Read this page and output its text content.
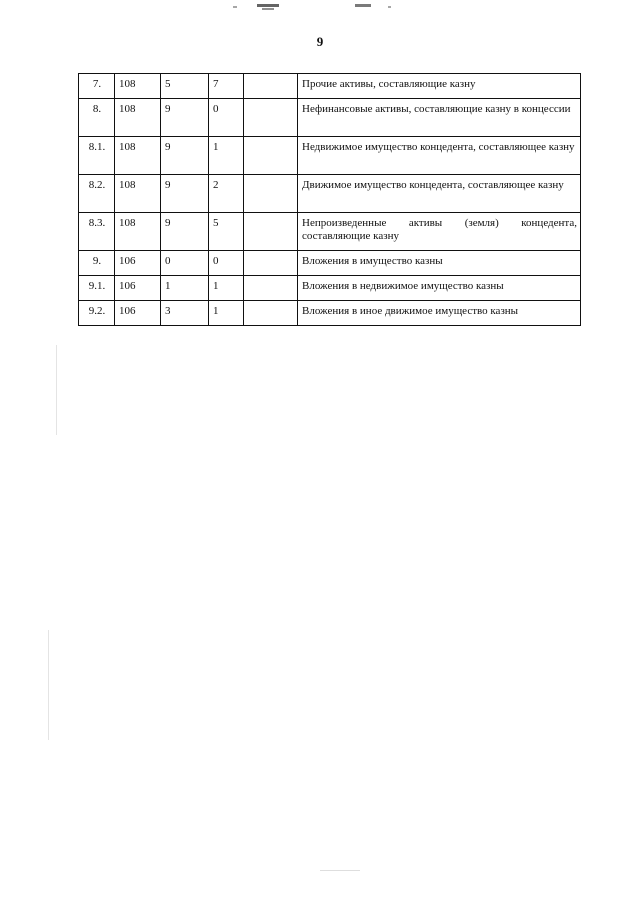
9
7.	108	5	7		Прочие активы, составляющие казну
8.	108	9	0		Нефинансовые активы, составляющие казну в концессии
8.1.	108	9	1		Недвижимое имущество концедента, составляющее казну
8.2.	108	9	2		Движимое имущество концедента, составляющее казну
8.3.	108	9	5		Непроизведенные активы (земля) концедента, составляющие казну
9.	106	0	0		Вложения в имущество казны
9.1.	106	1	1		Вложения в недвижимое имущество казны
9.2.	106	3	1		Вложения в иное движимое имущество казны
